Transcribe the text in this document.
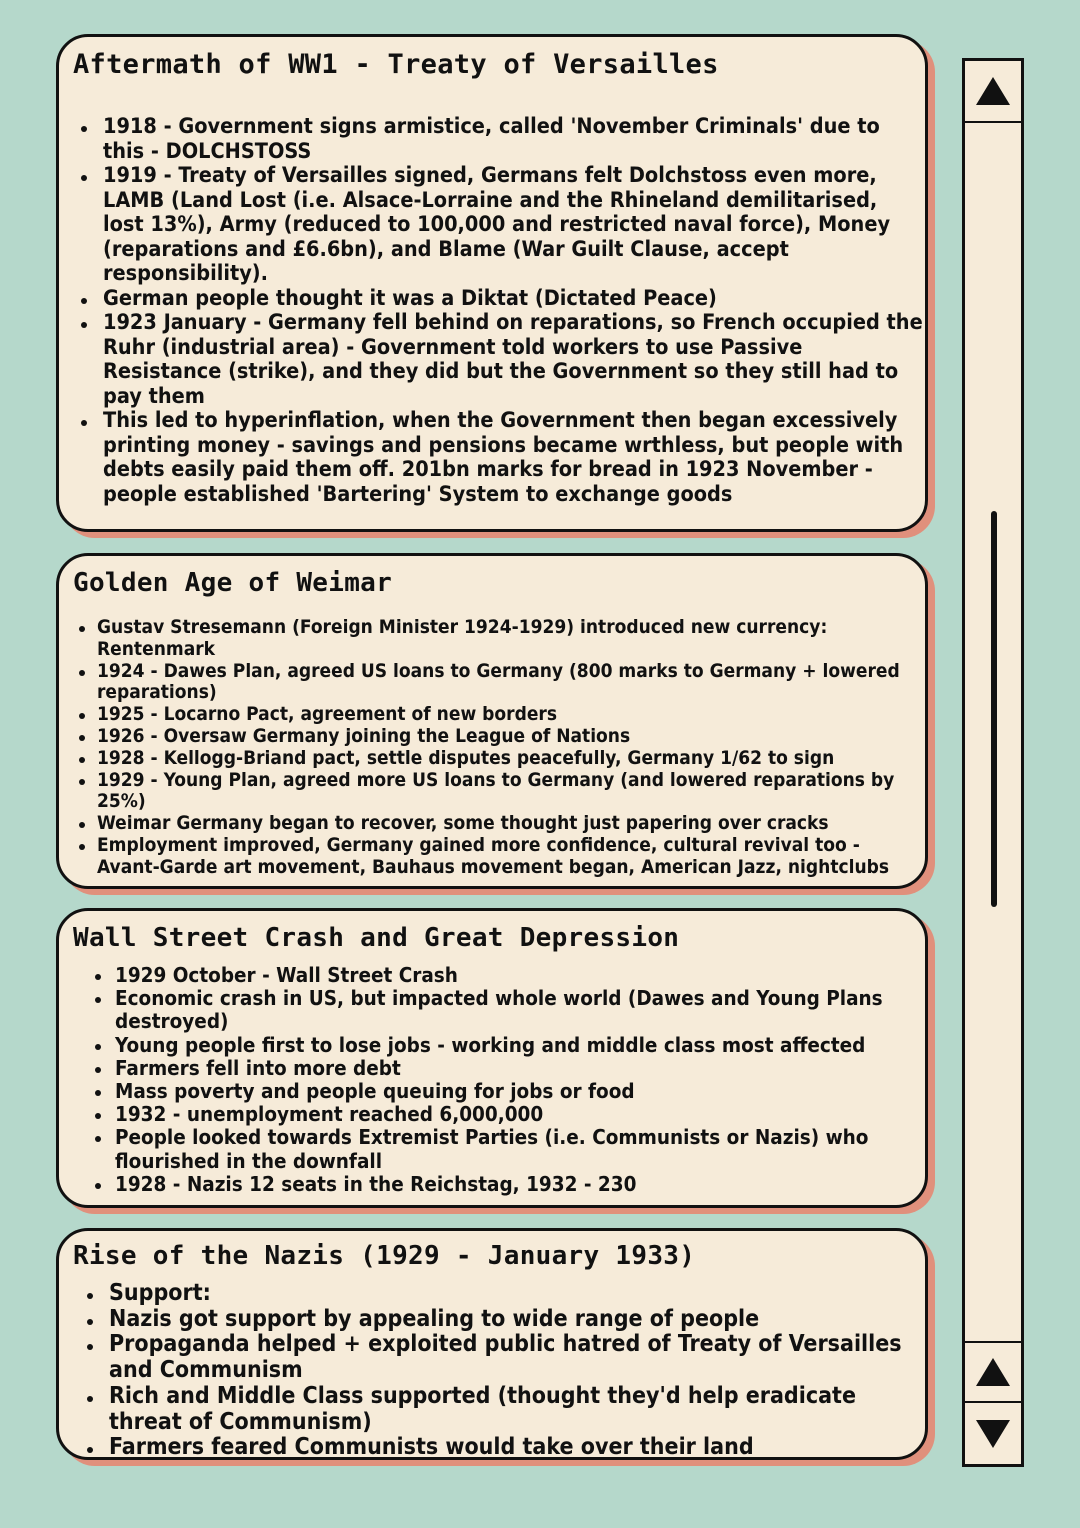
Aftermath of WW1 - Treaty of Versailles
1918 - Government signs armistice, called 'November Criminals' due to this - DOLCHSTOSS
1919 - Treaty of Versailles signed, Germans felt Dolchstoss even more, LAMB (Land Lost (i.e. Alsace-Lorraine and the Rhineland demilitarised, lost 13%), Army (reduced to 100,000 and restricted naval force), Money (reparations and £6.6bn), and Blame (War Guilt Clause, accept responsibility).
German people thought it was a Diktat (Dictated Peace)
1923 January - Germany fell behind on reparations, so French occupied the Ruhr (industrial area) - Government told workers to use Passive Resistance (strike), and they did but the Government so they still had to pay them
This led to hyperinflation, when the Government then began excessively printing money - savings and pensions became wrthless, but people with debts easily paid them off. 201bn marks for bread in 1923 November - people established 'Bartering' System to exchange goods
Golden Age of Weimar
Gustav Stresemann (Foreign Minister 1924-1929) introduced new currency: Rentenmark
1924 - Dawes Plan, agreed US loans to Germany (800 marks to Germany + lowered reparations)
1925 - Locarno Pact, agreement of new borders
1926 - Oversaw Germany joining the League of Nations
1928 - Kellogg-Briand pact, settle disputes peacefully, Germany 1/62 to sign
1929 - Young Plan, agreed more US loans to Germany (and lowered reparations by 25%)
Weimar Germany began to recover, some thought just papering over cracks
Employment improved, Germany gained more confidence, cultural revival too - Avant-Garde art movement, Bauhaus movement began, American Jazz, nightclubs
Wall Street Crash and Great Depression
1929 October - Wall Street Crash
Economic crash in US, but impacted whole world (Dawes and Young Plans destroyed)
Young people first to lose jobs - working and middle class most affected
Farmers fell into more debt
Mass poverty and people queuing for jobs or food
1932 - unemployment reached 6,000,000
People looked towards Extremist Parties (i.e. Communists or Nazis) who flourished in the downfall
1928 - Nazis 12 seats in the Reichstag, 1932 - 230
Rise of the Nazis (1929 - January 1933)
Support:
Nazis got support by appealing to wide range of people
Propaganda helped + exploited public hatred of Treaty of Versailles and Communism
Rich and Middle Class supported (thought they'd help eradicate threat of Communism)
Farmers feared Communists would take over their land
